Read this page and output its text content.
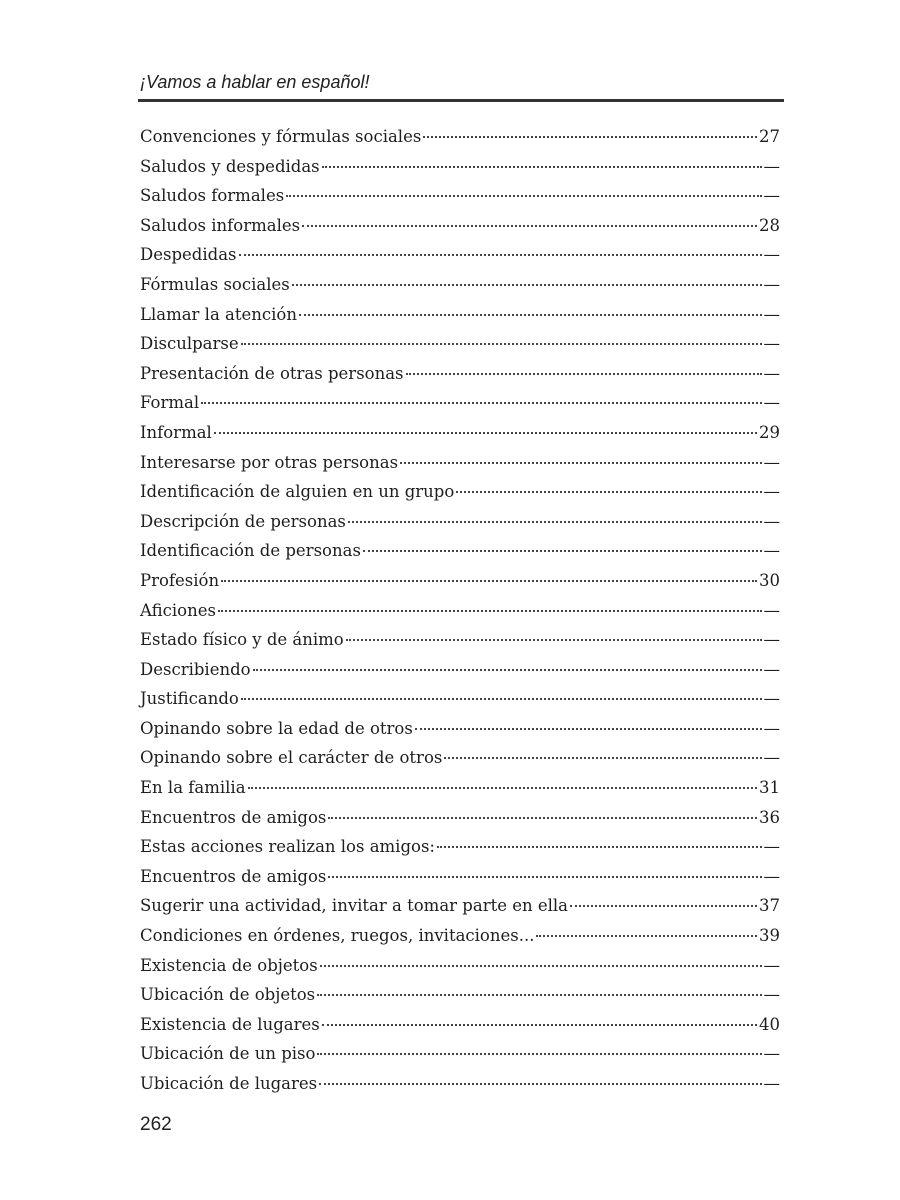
¡Vamos a hablar en español!
Convenciones y fórmulas sociales	27
Saludos y despedidas	—
Saludos formales	—
Saludos informales	28
Despedidas	—
Fórmulas sociales	—
Llamar la atención	—
Disculparse	—
Presentación de otras personas	—
Formal	—
Informal	29
Interesarse por otras personas	—
Identificación de alguien en un grupo	—
Descripción de personas	—
Identificación de personas	—
Profesión	30
Aficiones	—
Estado físico y de ánimo	—
Describiendo	—
Justificando	—
Opinando sobre la edad de otros	—
Opinando sobre el carácter de otros	—
En la familia	31
Encuentros de amigos	36
Estas acciones realizan los amigos:	—
Encuentros de amigos	—
Sugerir una actividad, invitar a tomar parte en ella	37
Condiciones en órdenes, ruegos, invitaciones...	39
Existencia de objetos	—
Ubicación de objetos	—
Existencia de lugares	40
Ubicación de un piso	—
Ubicación de lugares	—
262
